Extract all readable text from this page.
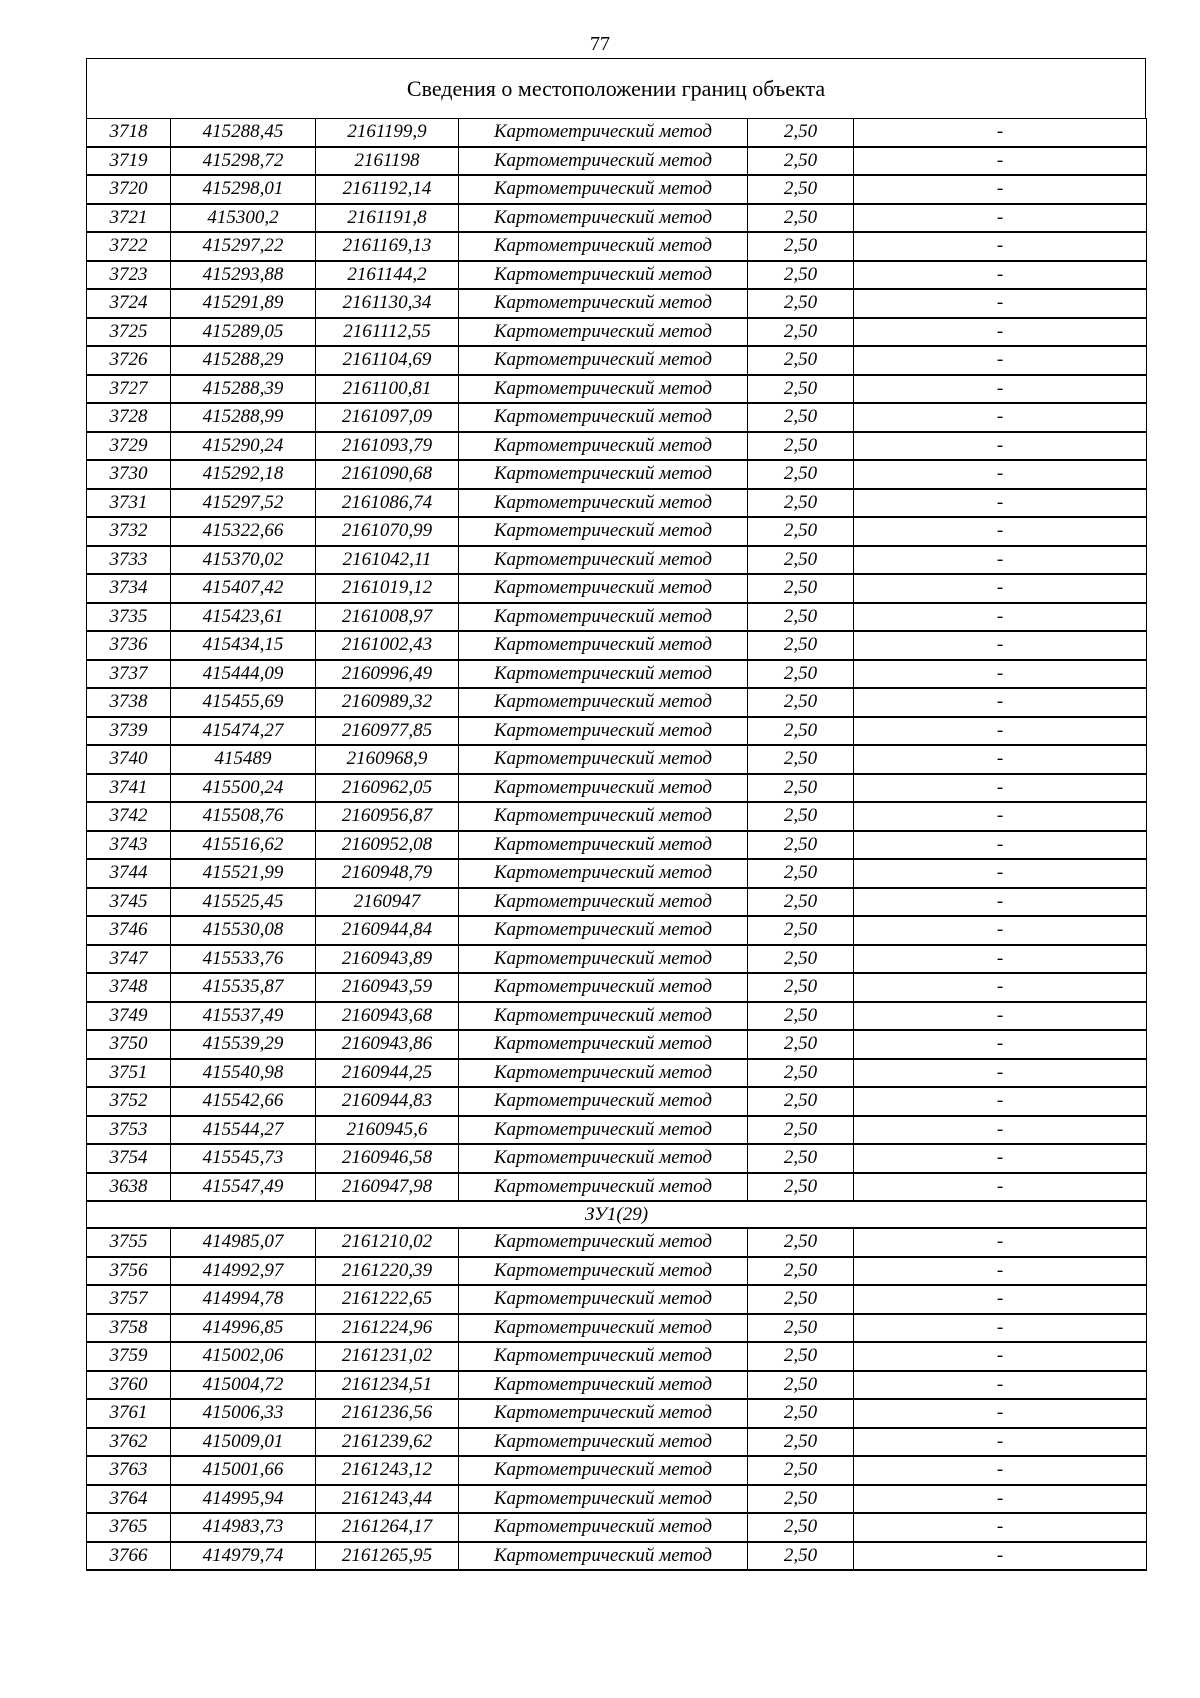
77
Сведения о местоположении границ объекта
3718	415288,45	2161199,9	Картометрический метод	2,50	-
3719	415298,72	2161198	Картометрический метод	2,50	-
3720	415298,01	2161192,14	Картометрический метод	2,50	-
3721	415300,2	2161191,8	Картометрический метод	2,50	-
3722	415297,22	2161169,13	Картометрический метод	2,50	-
3723	415293,88	2161144,2	Картометрический метод	2,50	-
3724	415291,89	2161130,34	Картометрический метод	2,50	-
3725	415289,05	2161112,55	Картометрический метод	2,50	-
3726	415288,29	2161104,69	Картометрический метод	2,50	-
3727	415288,39	2161100,81	Картометрический метод	2,50	-
3728	415288,99	2161097,09	Картометрический метод	2,50	-
3729	415290,24	2161093,79	Картометрический метод	2,50	-
3730	415292,18	2161090,68	Картометрический метод	2,50	-
3731	415297,52	2161086,74	Картометрический метод	2,50	-
3732	415322,66	2161070,99	Картометрический метод	2,50	-
3733	415370,02	2161042,11	Картометрический метод	2,50	-
3734	415407,42	2161019,12	Картометрический метод	2,50	-
3735	415423,61	2161008,97	Картометрический метод	2,50	-
3736	415434,15	2161002,43	Картометрический метод	2,50	-
3737	415444,09	2160996,49	Картометрический метод	2,50	-
3738	415455,69	2160989,32	Картометрический метод	2,50	-
3739	415474,27	2160977,85	Картометрический метод	2,50	-
3740	415489	2160968,9	Картометрический метод	2,50	-
3741	415500,24	2160962,05	Картометрический метод	2,50	-
3742	415508,76	2160956,87	Картометрический метод	2,50	-
3743	415516,62	2160952,08	Картометрический метод	2,50	-
3744	415521,99	2160948,79	Картометрический метод	2,50	-
3745	415525,45	2160947	Картометрический метод	2,50	-
3746	415530,08	2160944,84	Картометрический метод	2,50	-
3747	415533,76	2160943,89	Картометрический метод	2,50	-
3748	415535,87	2160943,59	Картометрический метод	2,50	-
3749	415537,49	2160943,68	Картометрический метод	2,50	-
3750	415539,29	2160943,86	Картометрический метод	2,50	-
3751	415540,98	2160944,25	Картометрический метод	2,50	-
3752	415542,66	2160944,83	Картометрический метод	2,50	-
3753	415544,27	2160945,6	Картометрический метод	2,50	-
3754	415545,73	2160946,58	Картометрический метод	2,50	-
3638	415547,49	2160947,98	Картометрический метод	2,50	-
ЗУ1(29)					
3755	414985,07	2161210,02	Картометрический метод	2,50	-
3756	414992,97	2161220,39	Картометрический метод	2,50	-
3757	414994,78	2161222,65	Картометрический метод	2,50	-
3758	414996,85	2161224,96	Картометрический метод	2,50	-
3759	415002,06	2161231,02	Картометрический метод	2,50	-
3760	415004,72	2161234,51	Картометрический метод	2,50	-
3761	415006,33	2161236,56	Картометрический метод	2,50	-
3762	415009,01	2161239,62	Картометрический метод	2,50	-
3763	415001,66	2161243,12	Картометрический метод	2,50	-
3764	414995,94	2161243,44	Картометрический метод	2,50	-
3765	414983,73	2161264,17	Картометрический метод	2,50	-
3766	414979,74	2161265,95	Картометрический метод	2,50	-
